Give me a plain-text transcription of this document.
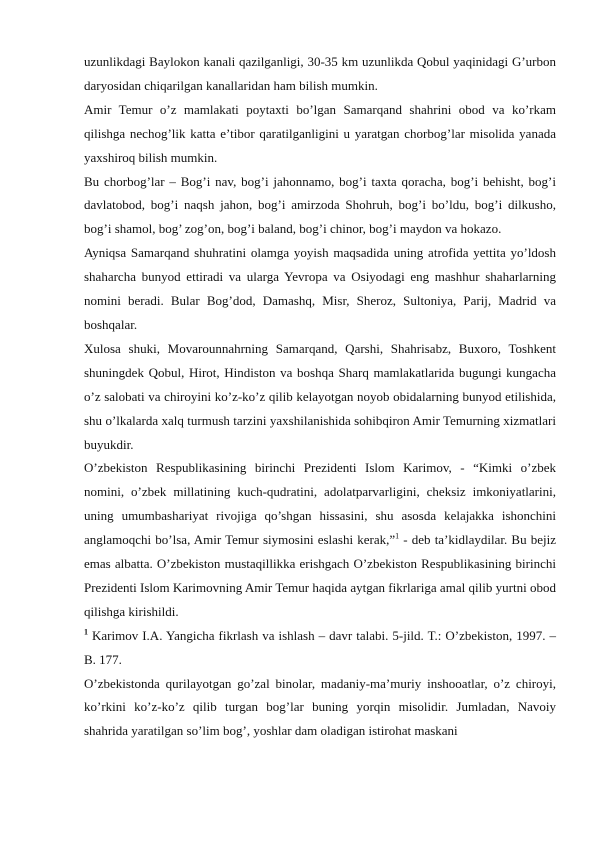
uzunlikdagi Baylokon kanali qazilganligi, 30-35 km uzunlikda Qobul yaqinidagi G’urbon daryosidan chiqarilgan kanallaridan ham bilish mumkin.

Amir Temur o’z mamlakati poytaxti bo’lgan Samarqand shahrini obod va ko’rkam qilishga nechog’lik katta e’tibor qaratilganligini u yaratgan chorbog’lar misolida yanada yaxshiroq bilish mumkin.

Bu chorbog’lar – Bog’i nav, bog’i jahonnamo, bog’i taxta qoracha, bog’i behisht, bog’i davlatobod, bog’i naqsh jahon, bog’i amirzoda Shohruh, bog’i bo’ldu, bog’i dilkusho, bog’i shamol, bog’ zog’on, bog’i baland, bog’i chinor, bog’i maydon va hokazo.

Ayniqsa Samarqand shuhratini olamga yoyish maqsadida uning atrofida yettita yo’ldosh shaharcha bunyod ettiradi va ularga Yevropa va Osiyodagi eng mashhur shaharlarning nomini beradi. Bular Bog’dod, Damashq, Misr, Sheroz, Sultoniya, Parij, Madrid va boshqalar.

Xulosa shuki, Movarounnahrning Samarqand, Qarshi, Shahrisabz, Buxoro, Toshkent shuningdek Qobul, Hirot, Hindiston va boshqa Sharq mamlakatlarida bugungi kungacha o’z salobati va chiroyini ko’z-ko’z qilib kelayotgan noyob obidalarning bunyod etilishida, shu o’lkalarda xalq turmush tarzini yaxshilanishida sohibqiron Amir Temurning xizmatlari buyukdir.

O’zbekiston Respublikasining birinchi Prezidenti Islom Karimov, - “Kimki o’zbek nomini, o’zbek millatining kuch-qudratini, adolatparvarligini, cheksiz imkoniyatlarini, uning umumbashariyat rivojiga qo’shgan hissasini, shu asosda kelajakka ishonchini anglamoqchi bo’lsa, Amir Temur siymosini eslashi kerak,”$^1$ - deb ta’kidlaydilar. Bu bejiz emas albatta. O’zbekiston mustaqillikka erishgach O’zbekiston Respublikasining birinchi Prezidenti Islom Karimovning Amir Temur haqida aytgan fikrlariga amal qilib yurtni obod qilishga kirishildi.

$^1$ Karimov I.A. Yangicha fikrlash va ishlash – davr talabi. 5-jild. T.: O’zbekiston, 1997. –B. 177.

O’zbekistonda qurilayotgan go’zal binolar, madaniy-ma’muriy inshooatlar, o’z chiroyi, ko’rkini ko’z-ko’z qilib turgan bog’lar buning yorqin misolidir. Jumladan, Navoiy shahrida yaratilgan so’lim bog’, yoshlar dam oladigan istirohat maskani
